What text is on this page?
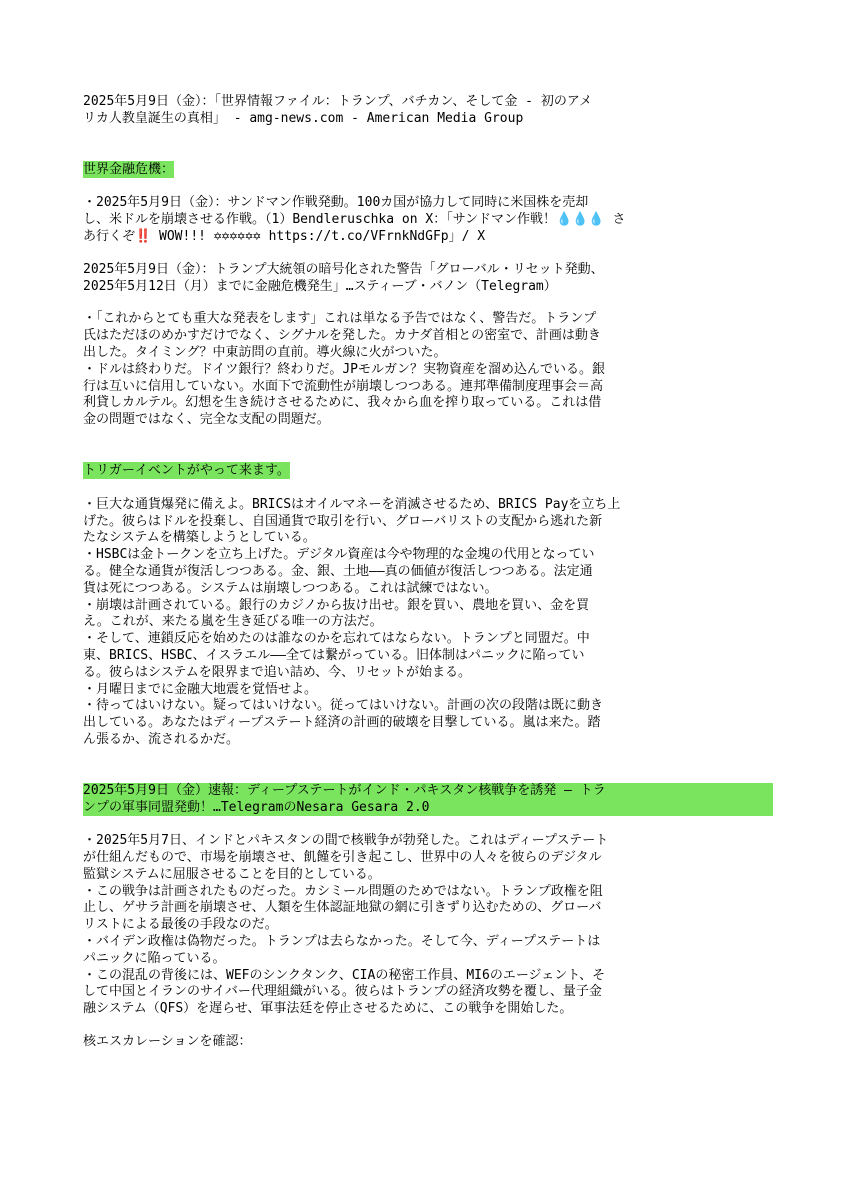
2025年5月9日（金）：「世界情報ファイル：トランプ、バチカン、そして金 - 初のアメ
リカ人教皇誕生の真相」 - amg-news.com - American Media Group
世界金融危機：
・2025年5月9日（金）：サンドマン作戦発動。100カ国が協力して同時に米国株を売却
し、米ドルを崩壊させる作戦。（1）Bendleruschka on X：「サンドマン作戦！💧💧💧 さ
あ行くぞ‼️ WOW!!! ✡✡✡✡✡✡ https://t.co/VFrnkNdGFp」/ X
2025年5月9日（金）：トランプ大統領の暗号化された警告「グローバル・リセット発動、
2025年5月12日（月）までに金融危機発生」…スティーブ・バノン（Telegram）
・「これからとても重大な発表をします」これは単なる予告ではなく、警告だ。トランプ
氏はただほのめかすだけでなく、シグナルを発した。カナダ首相との密室で、計画は動き
出した。タイミング？中東訪問の直前。導火線に火がついた。
・ドルは終わりだ。ドイツ銀行？終わりだ。JPモルガン？実物資産を溜め込んでいる。銀
行は互いに信用していない。水面下で流動性が崩壊しつつある。連邦準備制度理事会＝高
利貸しカルテル。幻想を生き続けさせるために、我々から血を搾り取っている。これは借
金の問題ではなく、完全な支配の問題だ。
トリガーイベントがやって来ます。
・巨大な通貨爆発に備えよ。BRICSはオイルマネーを消滅させるため、BRICS Payを立ち上
げた。彼らはドルを投棄し、自国通貨で取引を行い、グローバリストの支配から逃れた新
たなシステムを構築しようとしている。
・HSBCは金トークンを立ち上げた。デジタル資産は今や物理的な金塊の代用となってい
る。健全な通貨が復活しつつある。金、銀、土地——真の価値が復活しつつある。法定通
貨は死につつある。システムは崩壊しつつある。これは試練ではない。
・崩壊は計画されている。銀行のカジノから抜け出せ。銀を買い、農地を買い、金を買
え。これが、来たる嵐を生き延びる唯一の方法だ。
・そして、連鎖反応を始めたのは誰なのかを忘れてはならない。トランプと同盟だ。中
東、BRICS、HSBC、イスラエル——全ては繋がっている。旧体制はパニックに陥ってい
る。彼らはシステムを限界まで追い詰め、今、リセットが始まる。
・月曜日までに金融大地震を覚悟せよ。
・待ってはいけない。疑ってはいけない。従ってはいけない。計画の次の段階は既に動き
出している。あなたはディープステート経済の計画的破壊を目撃している。嵐は来た。踏
ん張るか、流されるかだ。
2025年5月9日（金）速報：ディープステートがインド・パキスタン核戦争を誘発 ― トラ
ンプの軍事同盟発動！…TelegramのNesara Gesara 2.0
・2025年5月7日、インドとパキスタンの間で核戦争が勃発した。これはディープステート
が仕組んだもので、市場を崩壊させ、飢饉を引き起こし、世界中の人々を彼らのデジタル
監獄システムに屈服させることを目的としている。
・この戦争は計画されたものだった。カシミール問題のためではない。トランプ政権を阻
止し、ゲサラ計画を崩壊させ、人類を生体認証地獄の網に引きずり込むための、グローバ
リストによる最後の手段なのだ。
・バイデン政権は偽物だった。トランプは去らなかった。そして今、ディープステートは
パニックに陥っている。
・この混乱の背後には、WEFのシンクタンク、CIAの秘密工作員、MI6のエージェント、そ
して中国とイランのサイバー代理組織がいる。彼らはトランプの経済攻勢を覆し、量子金
融システム（QFS）を遅らせ、軍事法廷を停止させるために、この戦争を開始した。
核エスカレーションを確認：
